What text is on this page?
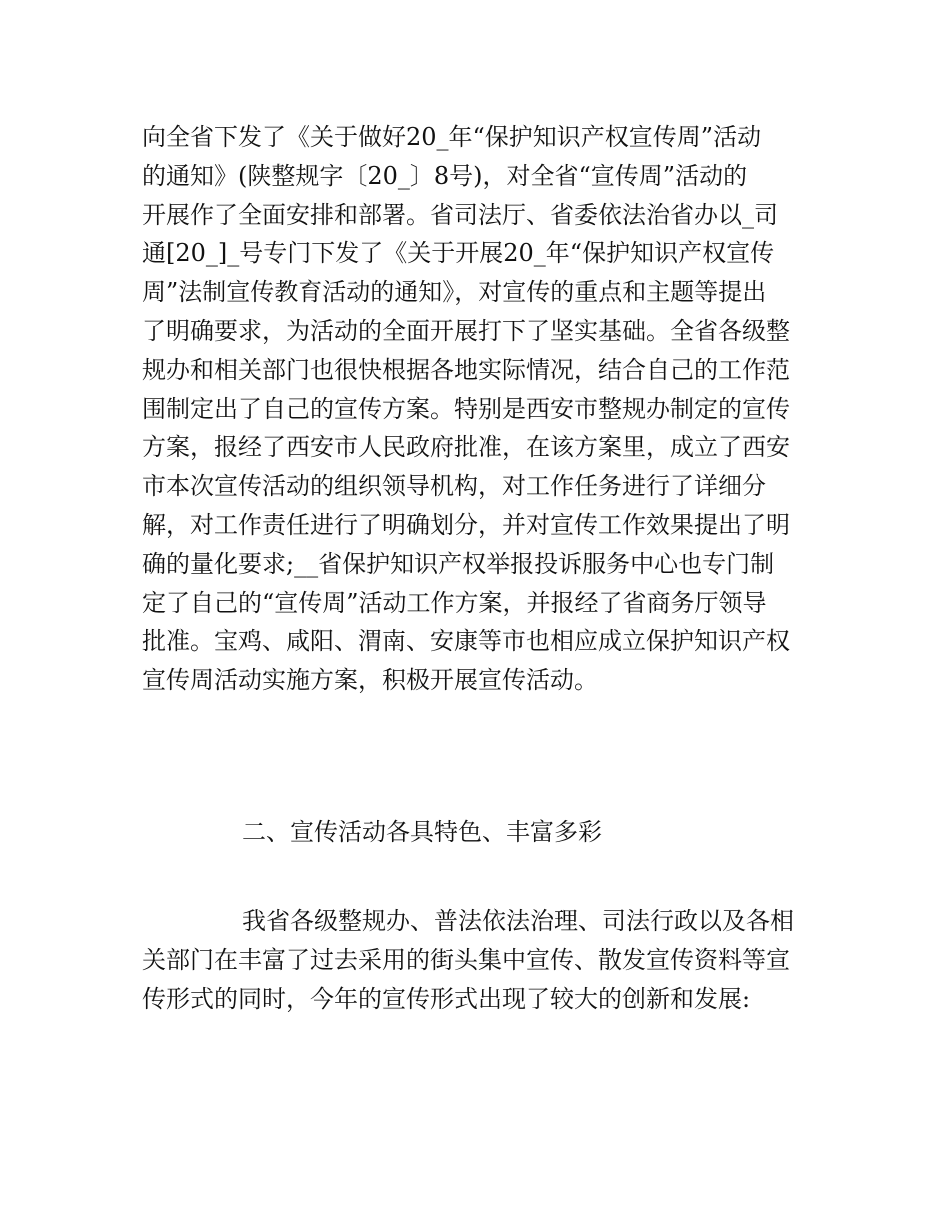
向全省下发了《关于做好20_年“保护知识产权宣传周”活动

的通知》(陕整规字〔20_〕8号)，对全省“宣传周”活动的

开展作了全面安排和部署。省司法厅、省委依法治省办以_司

通[20_]_号专门下发了《关于开展20_年“保护知识产权宣传

周”法制宣传教育活动的通知》，对宣传的重点和主题等提出

了明确要求，为活动的全面开展打下了坚实基础。全省各级整

规办和相关部门也很快根据各地实际情况，结合自己的工作范

围制定出了自己的宣传方案。特别是西安市整规办制定的宣传

方案，报经了西安市人民政府批准，在该方案里，成立了西安

市本次宣传活动的组织领导机构，对工作任务进行了详细分

解，对工作责任进行了明确划分，并对宣传工作效果提出了明

确的量化要求;__省保护知识产权举报投诉服务中心也专门制

定了自己的“宣传周”活动工作方案，并报经了省商务厅领导

批准。宝鸡、咸阳、渭南、安康等市也相应成立保护知识产权

宣传周活动实施方案，积极开展宣传活动。

二、宣传活动各具特色、丰富多彩

我省各级整规办、普法依法治理、司法行政以及各相

关部门在丰富了过去采用的街头集中宣传、散发宣传资料等宣

传形式的同时，今年的宣传形式出现了较大的创新和发展:
